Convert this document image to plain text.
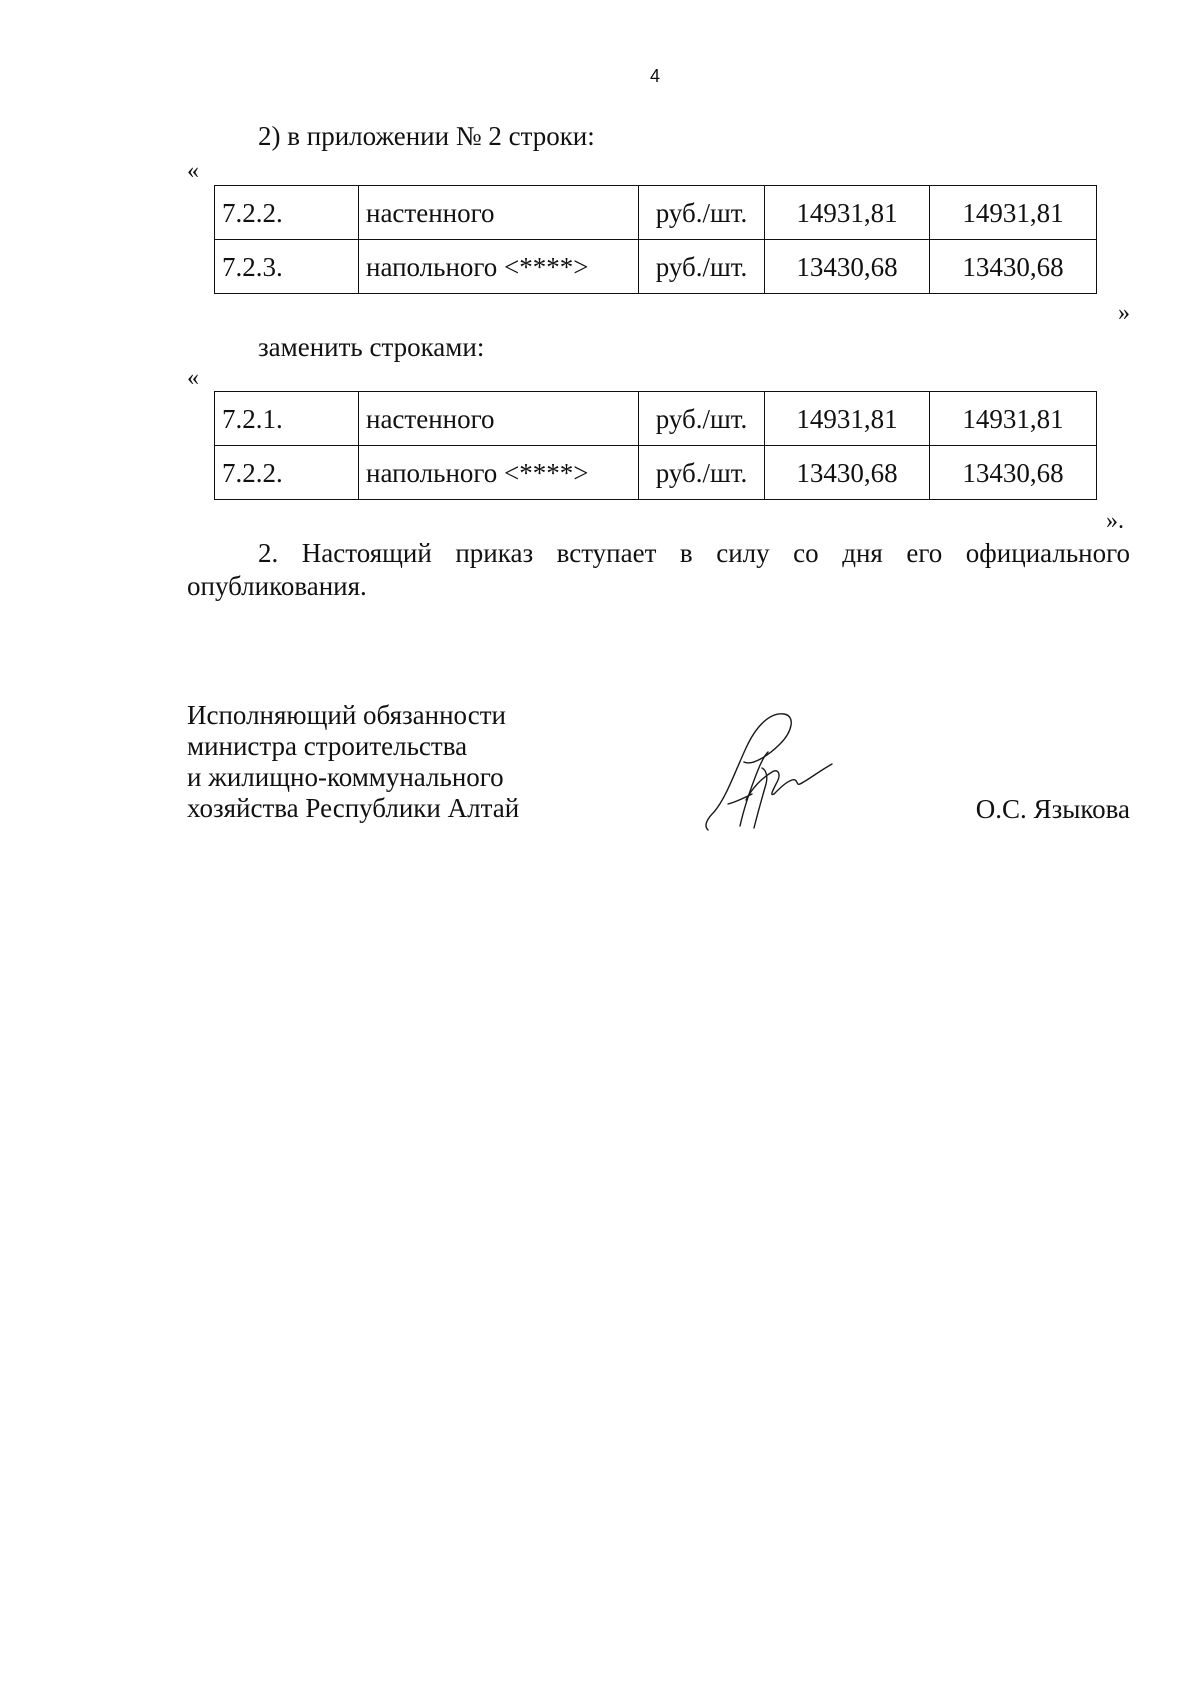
4
2) в приложении № 2 строки:
«
7.2.2.	настенного	руб./шт.	14931,81	14931,81
7.2.3.	напольного <****>	руб./шт.	13430,68	13430,68
»
заменить строками:
«
7.2.1.	настенного	руб./шт.	14931,81	14931,81
7.2.2.	напольного <****>	руб./шт.	13430,68	13430,68
».
2. Настоящий приказ вступает в силу со дня его официального
опубликования.
Исполняющий обязанности
министра строительства
и жилищно-коммунального
хозяйства Республики Алтай	О.С. Языкова
